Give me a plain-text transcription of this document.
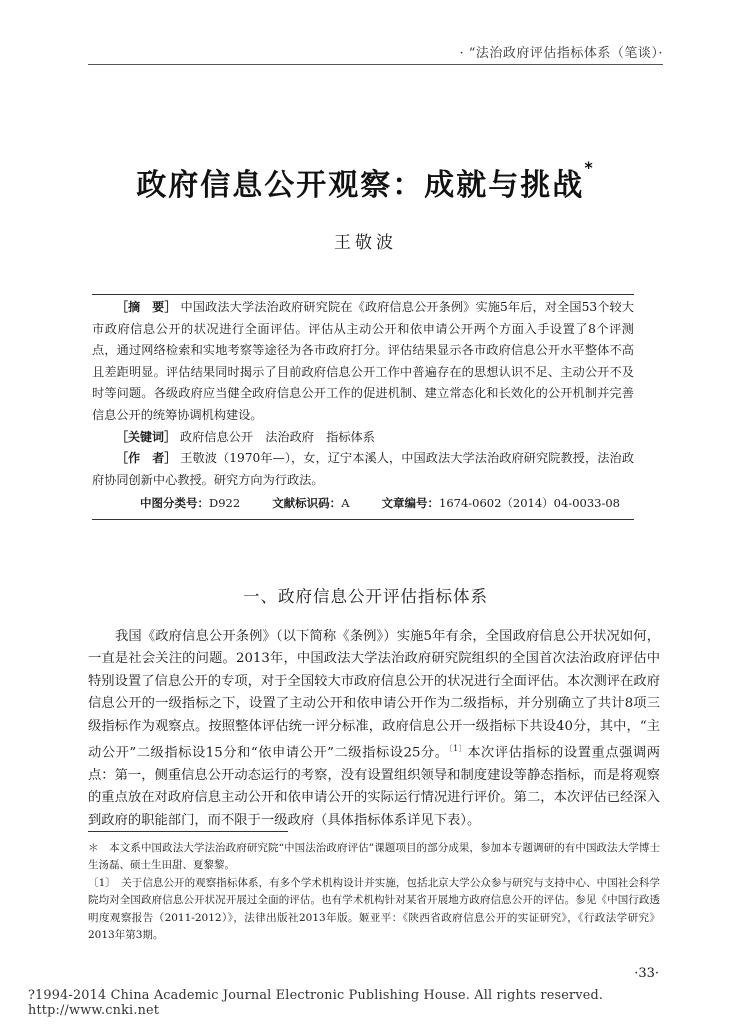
· “法治政府评估指标体系（笔谈）·
政府信息公开观察：成就与挑战*
王敬波

［摘　要］ 中国政法大学法治政府研究院在《政府信息公开条例》实施5年后，对全国53个较大市政府信息公开的状况进行全面评估。评估从主动公开和依申请公开两个方面入手设置了8个评测点，通过网络检索和实地考察等途径为各市政府打分。评估结果显示各市政府信息公开水平整体不高且差距明显。评估结果同时揭示了目前政府信息公开工作中普遍存在的思想认识不足、主动公开不及时等问题。各级政府应当健全政府信息公开工作的促进机制、建立常态化和长效化的公开机制并完善信息公开的统筹协调机构建设。

［关键词］ 政府信息公开　法治政府　指标体系

［作　者］ 王敬波（1970年—），女，辽宁本溪人，中国政法大学法治政府研究院教授，法治政府协同创新中心教授。研究方向为行政法。

中图分类号：D922	文献标识码：A	文章编号：1674-0602（2014）04-0033-08
一、政府信息公开评估指标体系

我国《政府信息公开条例》（以下简称《条例》）实施5年有余，全国政府信息公开状况如何，一直是社会关注的问题。2013年，中国政法大学法治政府研究院组织的全国首次法治政府评估中特别设置了信息公开的专项，对于全国较大市政府信息公开的状况进行全面评估。本次测评在政府信息公开的一级指标之下，设置了主动公开和依申请公开作为二级指标，并分别确立了共计8项三级指标作为观察点。按照整体评估统一评分标准，政府信息公开一级指标下共设40分，其中，“主动公开”二级指标设15分和“依申请公开”二级指标设25分。$^{〔1〕}$本次评估指标的设置重点强调两点：第一，侧重信息公开动态运行的考察，没有设置组织领导和制度建设等静态指标，而是将观察的重点放在对政府信息主动公开和依申请公开的实际运行情况进行评价。第二，本次评估已经深入到政府的职能部门，而不限于一级政府（具体指标体系详见下表）。

＊　本文系中国政法大学法治政府研究院“中国法治政府评估”课题项目的部分成果，参加本专题调研的有中国政法大学博士生汤磊、硕士生田甜、夏黎黎。

〔1〕　关于信息公开的观察指标体系，有多个学术机构设计并实施，包括北京大学公众参与研究与支持中心、中国社会科学院均对全国政府信息公开状况开展过全面的评估。也有学术机构针对某省开展地方政府信息公开的评估。参见《中国行政透明度观察报告（2011-2012）》，法律出版社2013年版。姬亚平：《陕西省政府信息公开的实证研究》，《行政法学研究》2013年第3期。

·33·
?1994-2014 China Academic Journal Electronic Publishing House. All rights reserved. http://www.cnki.net
